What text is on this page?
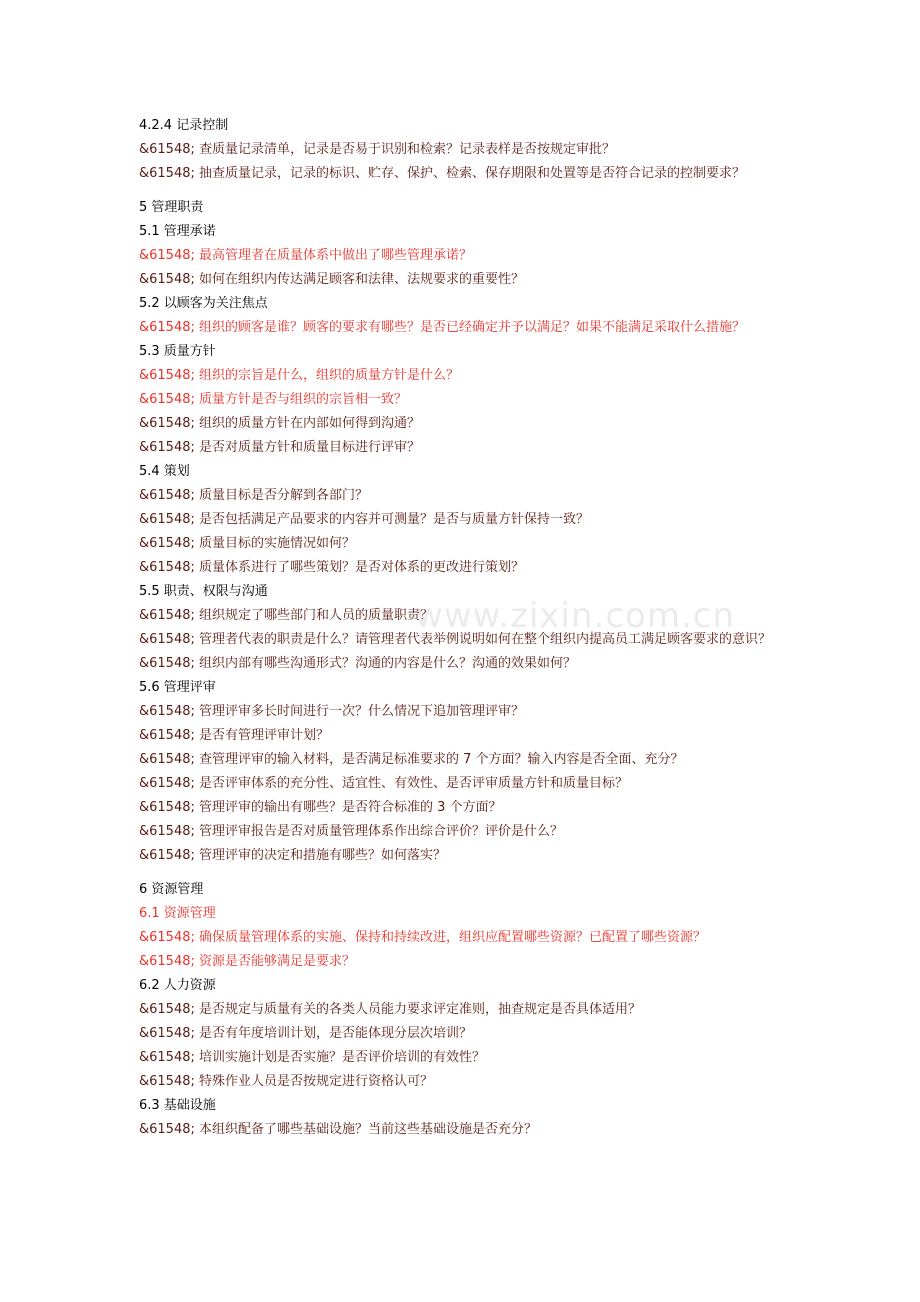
www.zixin.com.cn
4.2.4 记录控制
&61548; 查质量记录清单，记录是否易于识别和检索？记录表样是否按规定审批？
&61548; 抽查质量记录，记录的标识、贮存、保护、检索、保存期限和处置等是否符合记录的控制要求？
5 管理职责
5.1 管理承诺
&61548; 最高管理者在质量体系中做出了哪些管理承诺？
&61548; 如何在组织内传达满足顾客和法律、法规要求的重要性？
5.2 以顾客为关注焦点
&61548; 组织的顾客是谁？顾客的要求有哪些？是否已经确定并予以满足？如果不能满足采取什么措施？
5.3 质量方针
&61548; 组织的宗旨是什么，组织的质量方针是什么？
&61548; 质量方针是否与组织的宗旨相一致？
&61548; 组织的质量方针在内部如何得到沟通？
&61548; 是否对质量方针和质量目标进行评审？
5.4 策划
&61548; 质量目标是否分解到各部门？
&61548; 是否包括满足产品要求的内容并可测量？是否与质量方针保持一致？
&61548; 质量目标的实施情况如何？
&61548; 质量体系进行了哪些策划？是否对体系的更改进行策划？
5.5 职责、权限与沟通
&61548; 组织规定了哪些部门和人员的质量职责？
&61548; 管理者代表的职责是什么？请管理者代表举例说明如何在整个组织内提高员工满足顾客要求的意识？
&61548; 组织内部有哪些沟通形式？沟通的内容是什么？沟通的效果如何？
5.6 管理评审
&61548; 管理评审多长时间进行一次？什么情况下追加管理评审？
&61548; 是否有管理评审计划？
&61548; 查管理评审的输入材料，是否满足标准要求的 7 个方面？输入内容是否全面、充分？
&61548; 是否评审体系的充分性、适宜性、有效性、是否评审质量方针和质量目标？
&61548; 管理评审的输出有哪些？是否符合标准的 3 个方面？
&61548; 管理评审报告是否对质量管理体系作出综合评价？评价是什么？
&61548; 管理评审的决定和措施有哪些？如何落实？
6 资源管理
6.1 资源管理
&61548; 确保质量管理体系的实施、保持和持续改进，组织应配置哪些资源？已配置了哪些资源？
&61548; 资源是否能够满足是要求？
6.2 人力资源
&61548; 是否规定与质量有关的各类人员能力要求评定准则，抽查规定是否具体适用？
&61548; 是否有年度培训计划，是否能体现分层次培训？
&61548; 培训实施计划是否实施？是否评价培训的有效性？
&61548; 特殊作业人员是否按规定进行资格认可？
6.3 基础设施
&61548; 本组织配备了哪些基础设施？当前这些基础设施是否充分？
